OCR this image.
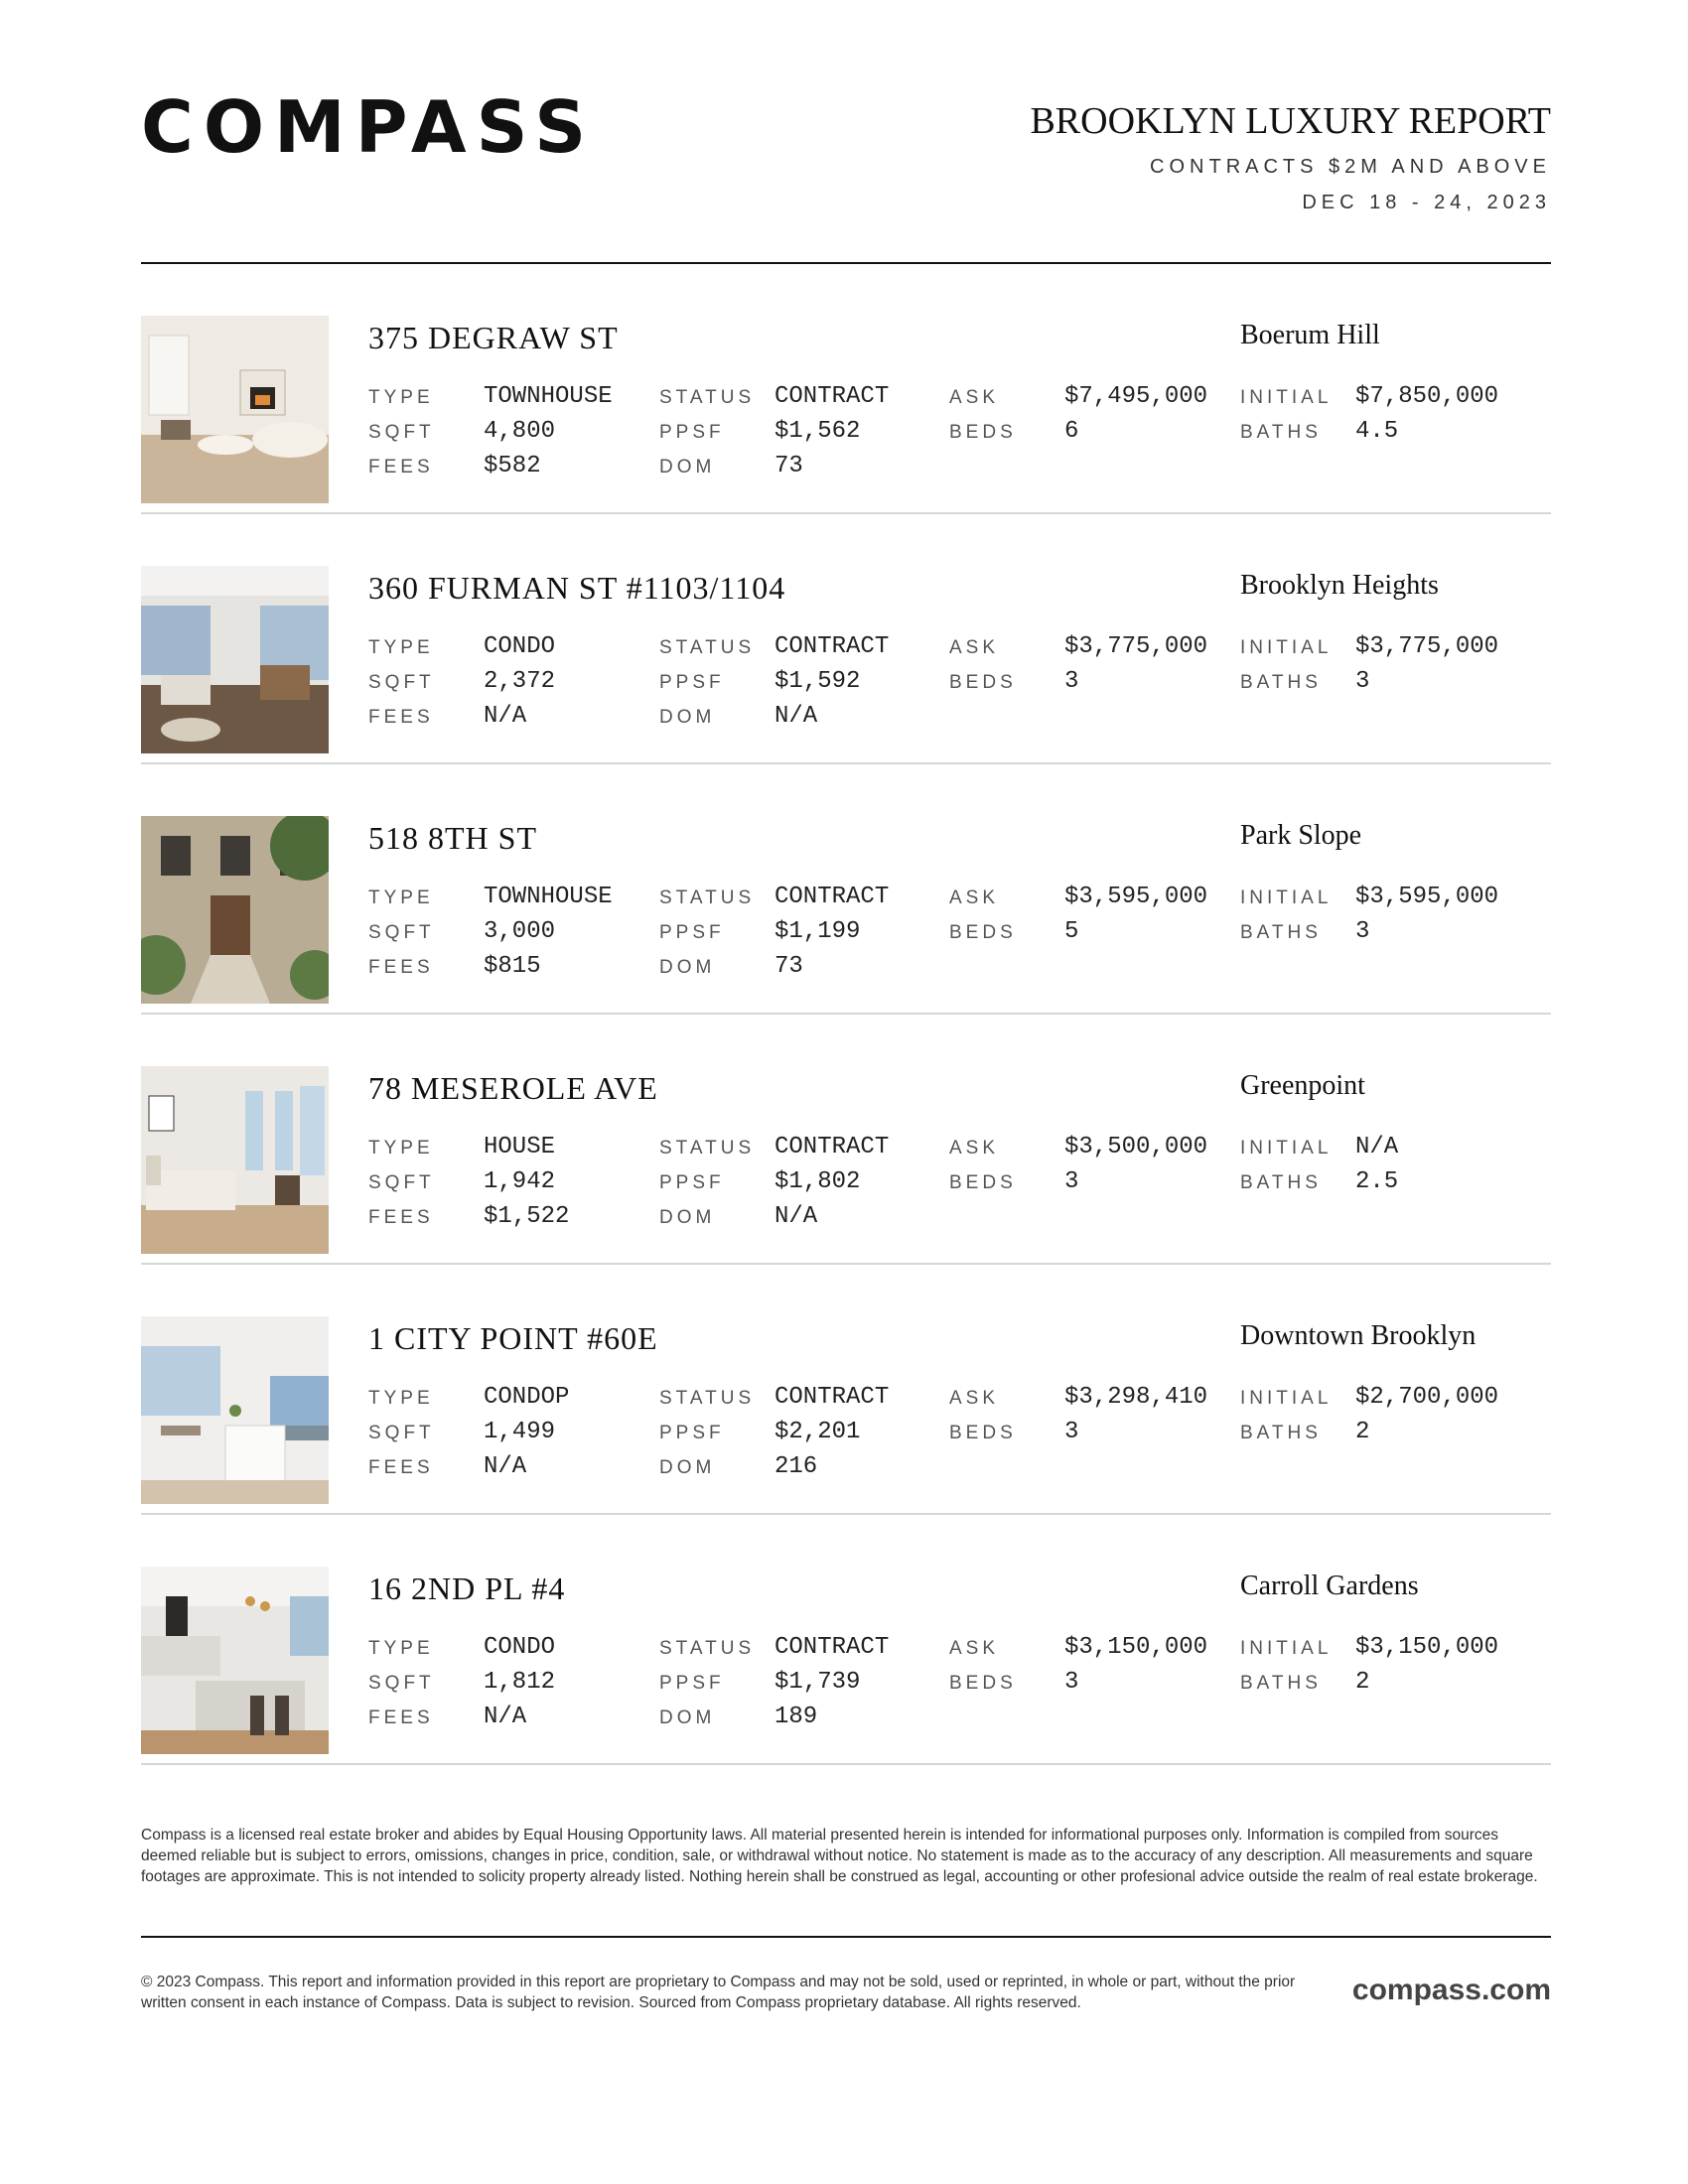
COMPASS	BROOKLYN LUXURY REPORT
CONTRACTS $2M AND ABOVE
DEC 18 - 24, 2023
375 DEGRAW ST	Boerum Hill
TYPE TOWNHOUSE
SQFT 4,800
FEES $582
STATUS CONTRACT
PPSF $1,562
DOM 73
ASK	$7,495,000
BEDS 6
INITIAL $7,850,000
BATHS 4.5
360 FURMAN ST #1103/1104	Brooklyn Heights
TYPE CONDO
SQFT 2,372
FEES N/A
STATUS CONTRACT
PPSF $1,592
DOM N/A
ASK	$3,775,000
BEDS 3
INITIAL $3,775,000
BATHS 3
518 8TH ST	Park Slope
TYPE TOWNHOUSE
SQFT 3,000
FEES $815
STATUS CONTRACT
PPSF $1,199
DOM 73
ASK	$3,595,000
BEDS 5
INITIAL $3,595,000
BATHS 3
78 MESEROLE AVE	Greenpoint
TYPE HOUSE
SQFT 1,942
FEES $1,522
STATUS CONTRACT
PPSF $1,802
DOM N/A
ASK	$3,500,000
BEDS 3
INITIAL N/A
BATHS 2.5
1 CITY POINT #60E	Downtown Brooklyn
TYPE CONDOP
SQFT 1,499
FEES N/A
STATUS CONTRACT
PPSF $2,201
DOM 216
ASK	$3,298,410
BEDS 3
INITIAL $2,700,000
BATHS 2
16 2ND PL #4	Carroll Gardens
TYPE CONDO
SQFT 1,812
FEES N/A
STATUS CONTRACT
PPSF $1,739
DOM 189
ASK	$3,150,000
BEDS 3
INITIAL $3,150,000
BATHS 2
Compass is a licensed real estate broker and abides by Equal Housing Opportunity laws. All material presented herein is intended for informational purposes only. Information is compiled from sources deemed reliable but is subject to errors, omissions, changes in price, condition, sale, or withdrawal without notice. No statement is made as to the accuracy of any description. All measurements and square footages are approximate. This is not intended to solicity property already listed. Nothing herein shall be construed as legal, accounting or other profesional advice outside the realm of real estate brokerage.
© 2023 Compass. This report and information provided in this report are proprietary to Compass and may not be sold, used or reprinted, in whole or part, without the prior written consent in each instance of Compass. Data is subject to revision. Sourced from Compass proprietary database. All rights reserved.	compass.com
